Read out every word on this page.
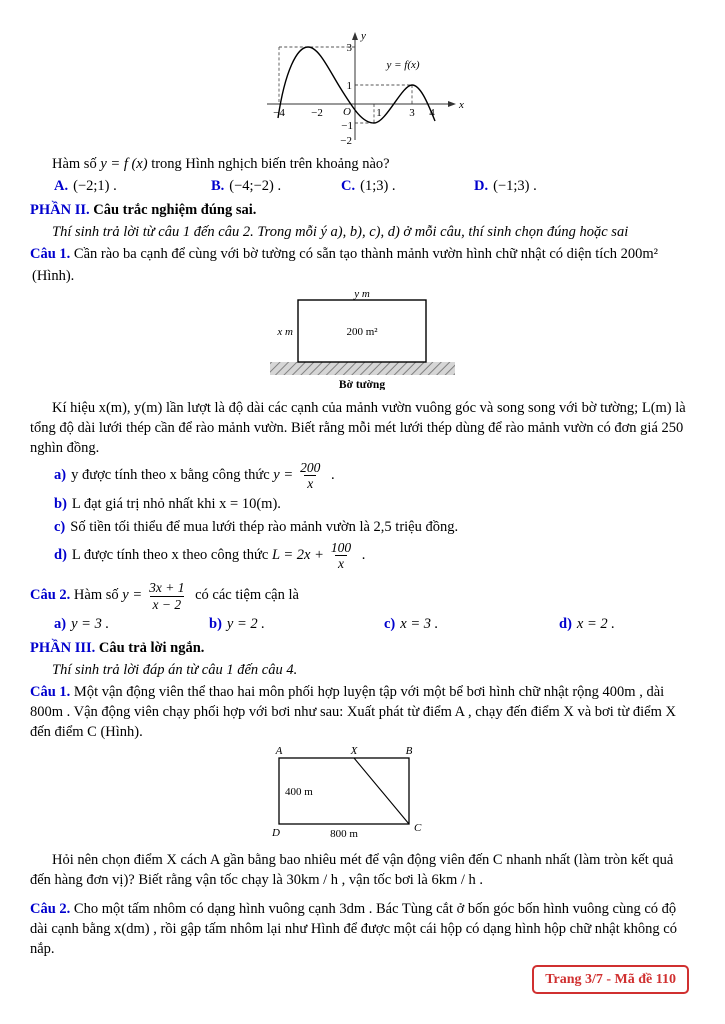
y
x
O
3
1
−1
−2
−4 −2	1	3 4
y = f(x)

Hàm số y = f (x) trong Hình nghịch biến trên khoảng nào?

A. (−2;1) .	B. (−4;−2) .	C. (1;3) .	D. (−1;3) .

PHẦN II. Câu trắc nghiệm đúng sai.

Thí sinh trả lời từ câu 1 đến câu 2. Trong mỗi ý a), b), c), d) ở mỗi câu, thí sinh chọn đúng hoặc sai

Câu 1. Cần rào ba cạnh để cùng với bờ tường có sẵn tạo thành mảnh vườn hình chữ nhật có diện tích 200m²

(Hình).

y m
x m	200 m²
Bờ tường

Kí hiệu x(m), y(m) lần lượt là độ dài các cạnh của mảnh vườn vuông góc và song song với bờ tường; L(m) là tổng độ dài lưới thép cần để rào mảnh vườn. Biết rằng mỗi mét lưới thép dùng để rào mảnh vườn có đơn giá 250 nghìn đồng.

a) y được tính theo x bằng công thức $y = \frac{200}{x}$ .

b) L đạt giá trị nhỏ nhất khi x = 10(m).

c) Số tiền tối thiểu để mua lưới thép rào mảnh vườn là 2,5 triệu đồng.

d) L được tính theo x theo công thức $L = 2x + \frac{100}{x}$ .

Câu 2. Hàm số $y = \frac{3x + 1}{x - 2}$ có các tiệm cận là

a) y = 3 .	b) y = 2 .	c) x = 3 .	d) x = 2 .

PHẦN III. Câu trả lời ngắn.

Thí sinh trả lời đáp án từ câu 1 đến câu 4.

Câu 1. Một vận động viên thể thao hai môn phối hợp luyện tập với một bể bơi hình chữ nhật rộng 400m , dài 800m . Vận động viên chạy phối hợp với bơi như sau: Xuất phát từ điểm A , chạy đến điểm X và bơi từ điểm X đến điểm C (Hình).

A	X	B
D	C
400 m
800 m

Hỏi nên chọn điểm X cách A gần bằng bao nhiêu mét để vận động viên đến C nhanh nhất (làm tròn kết quả đến hàng đơn vị)? Biết rằng vận tốc chạy là 30km / h , vận tốc bơi là 6km / h .

Câu 2. Cho một tấm nhôm có dạng hình vuông cạnh 3dm . Bác Tùng cắt ở bốn góc bốn hình vuông cùng có độ dài cạnh bằng x(dm) , rồi gập tấm nhôm lại như Hình để được một cái hộp có dạng hình hộp chữ nhật không có nắp.

Trang 3/7 - Mã đề 110
